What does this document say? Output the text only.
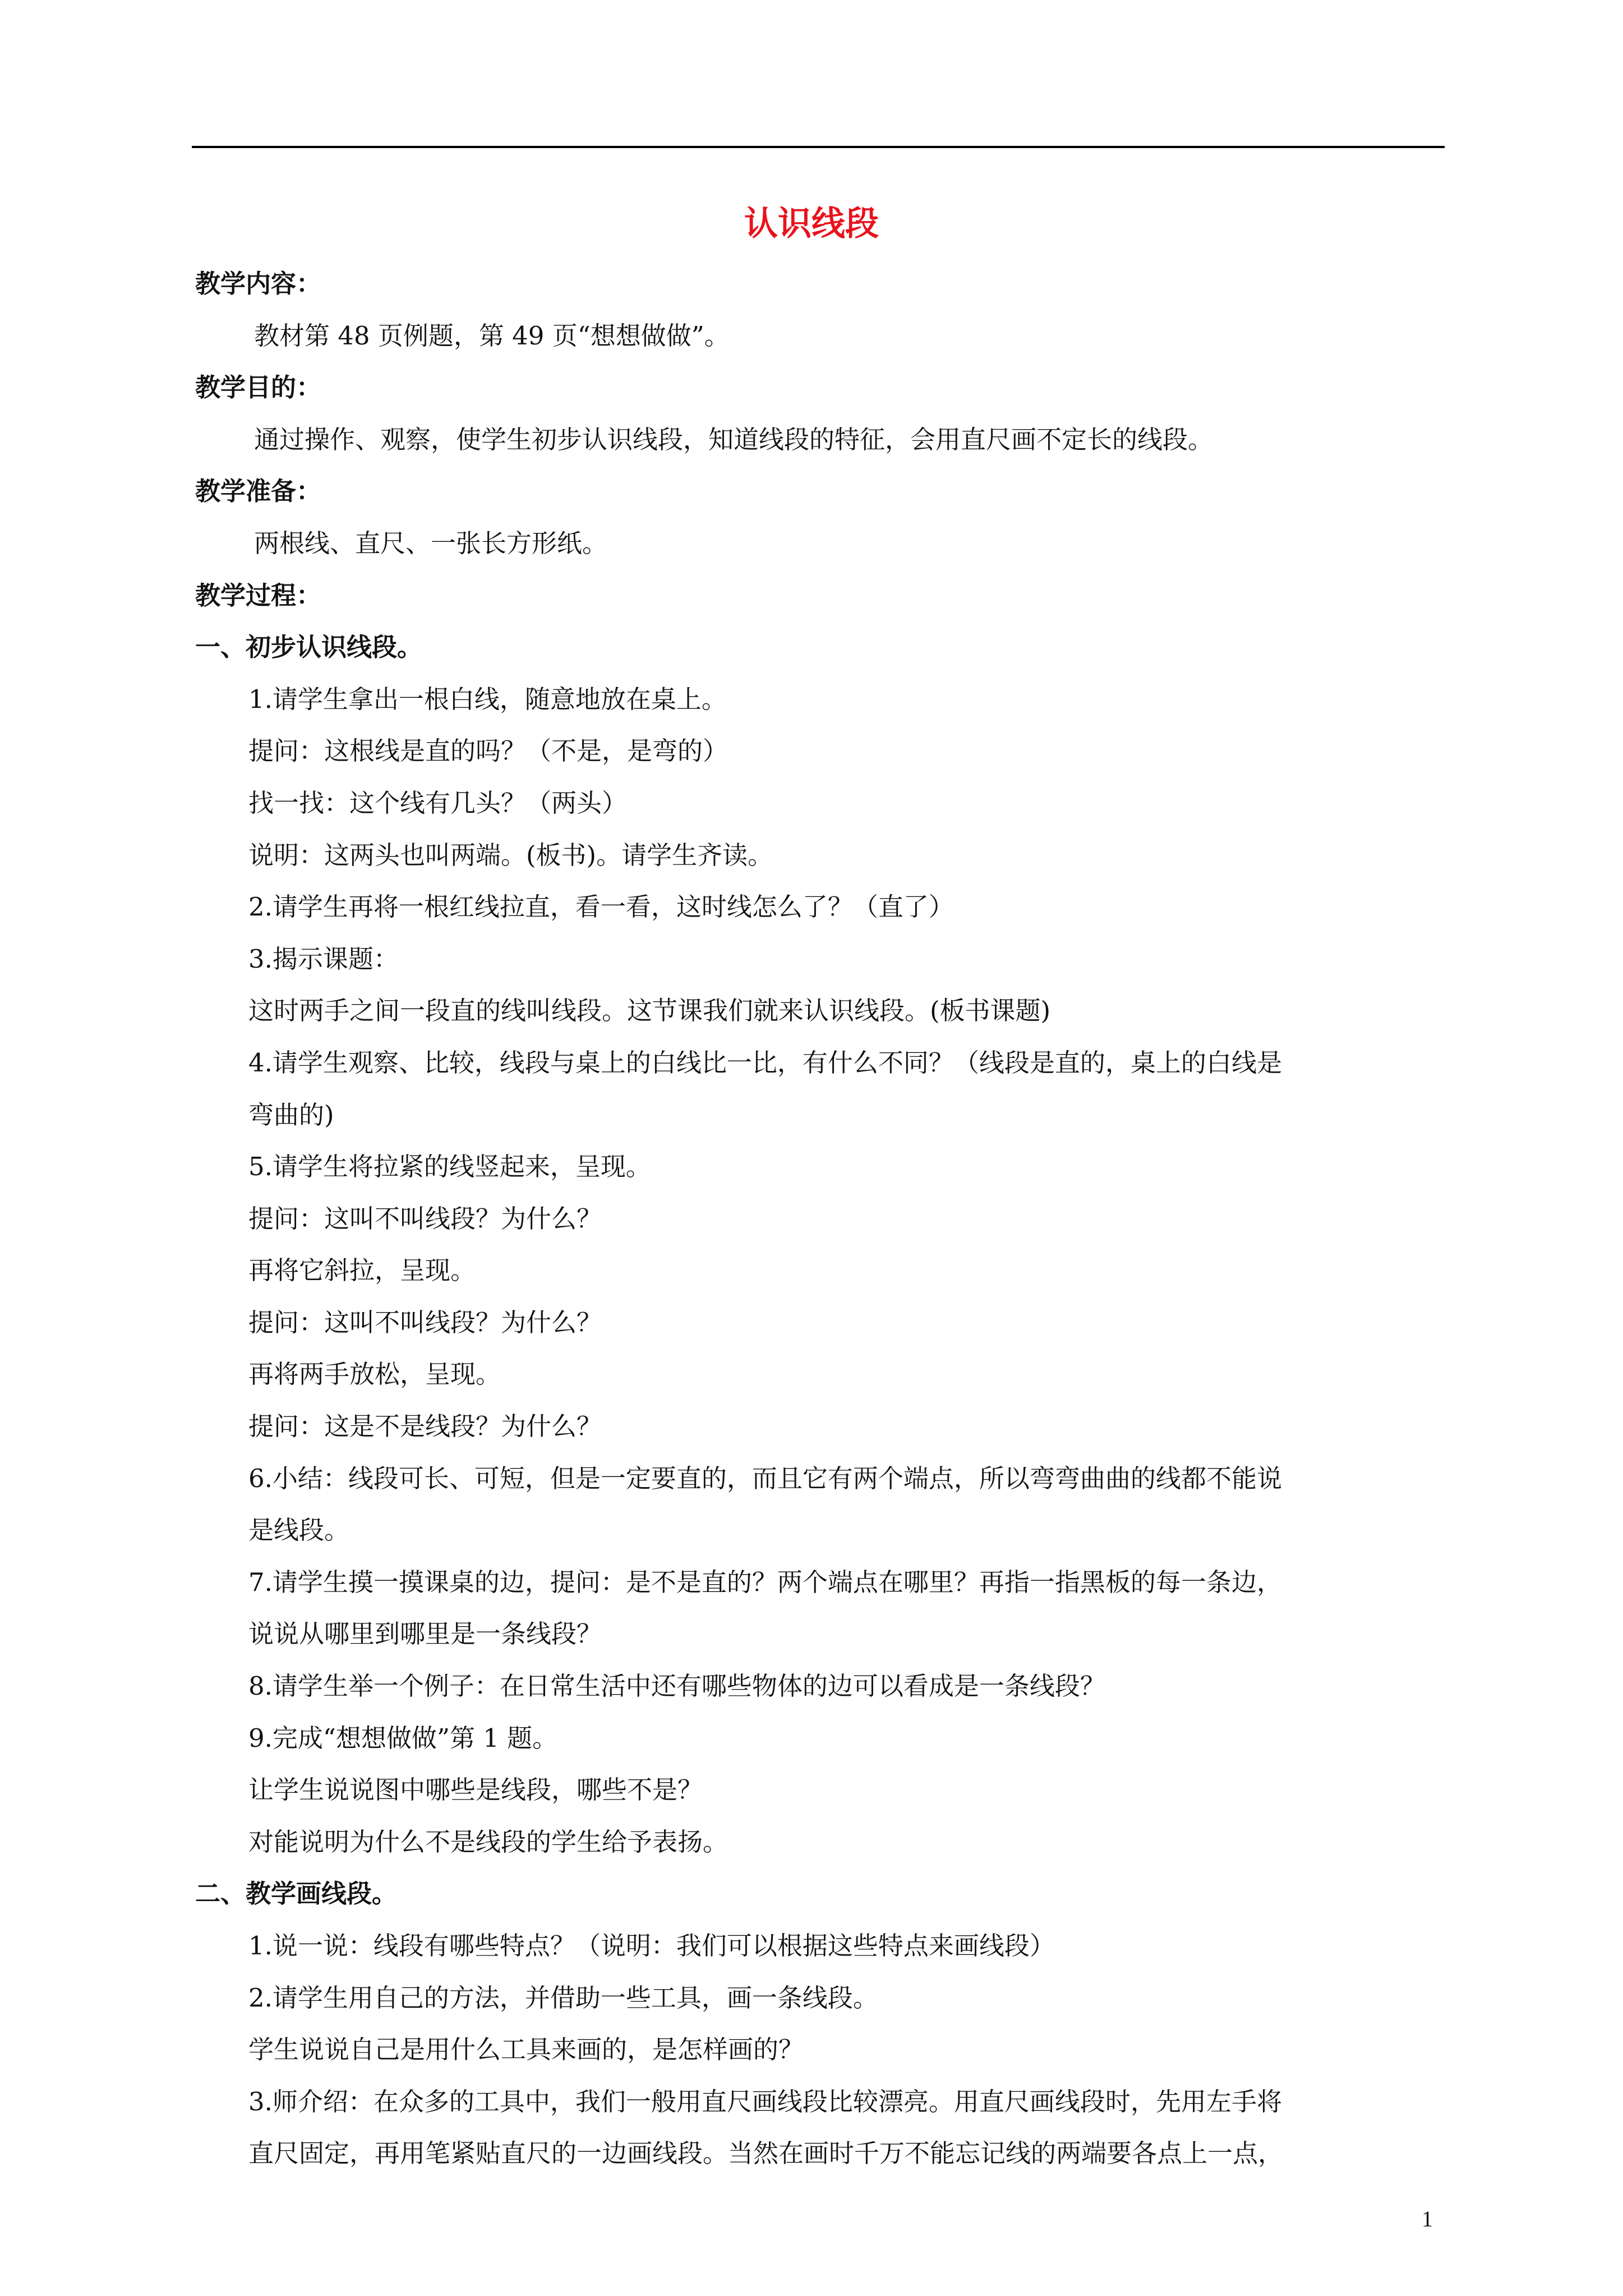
认识线段

教学内容：

教材第 48 页例题，第 49 页“想想做做”。

教学目的：

通过操作、观察，使学生初步认识线段，知道线段的特征，会用直尺画不定长的线段。

教学准备：

两根线、直尺、一张长方形纸。

教学过程：

一、初步认识线段。

1.请学生拿出一根白线，随意地放在桌上。

提问：这根线是直的吗？（不是，是弯的）

找一找：这个线有几头？（两头）

说明：这两头也叫两端。(板书)。请学生齐读。

2.请学生再将一根红线拉直，看一看，这时线怎么了？（直了）

3.揭示课题：

这时两手之间一段直的线叫线段。这节课我们就来认识线段。(板书课题)

4.请学生观察、比较，线段与桌上的白线比一比，有什么不同？（线段是直的，桌上的白线是

弯曲的)

5.请学生将拉紧的线竖起来，呈现。

提问：这叫不叫线段？为什么？

再将它斜拉，呈现。

提问：这叫不叫线段？为什么？

再将两手放松，呈现。

提问：这是不是线段？为什么？

6.小结：线段可长、可短，但是一定要直的，而且它有两个端点，所以弯弯曲曲的线都不能说

是线段。

7.请学生摸一摸课桌的边，提问：是不是直的？两个端点在哪里？再指一指黑板的每一条边，

说说从哪里到哪里是一条线段？

8.请学生举一个例子：在日常生活中还有哪些物体的边可以看成是一条线段？

9.完成“想想做做”第 1 题。

让学生说说图中哪些是线段，哪些不是？

对能说明为什么不是线段的学生给予表扬。

二、教学画线段。

1.说一说：线段有哪些特点？（说明：我们可以根据这些特点来画线段）

2.请学生用自己的方法，并借助一些工具，画一条线段。

学生说说自己是用什么工具来画的，是怎样画的？

3.师介绍：在众多的工具中，我们一般用直尺画线段比较漂亮。用直尺画线段时，先用左手将

直尺固定，再用笔紧贴直尺的一边画线段。当然在画时千万不能忘记线的两端要各点上一点，

1
